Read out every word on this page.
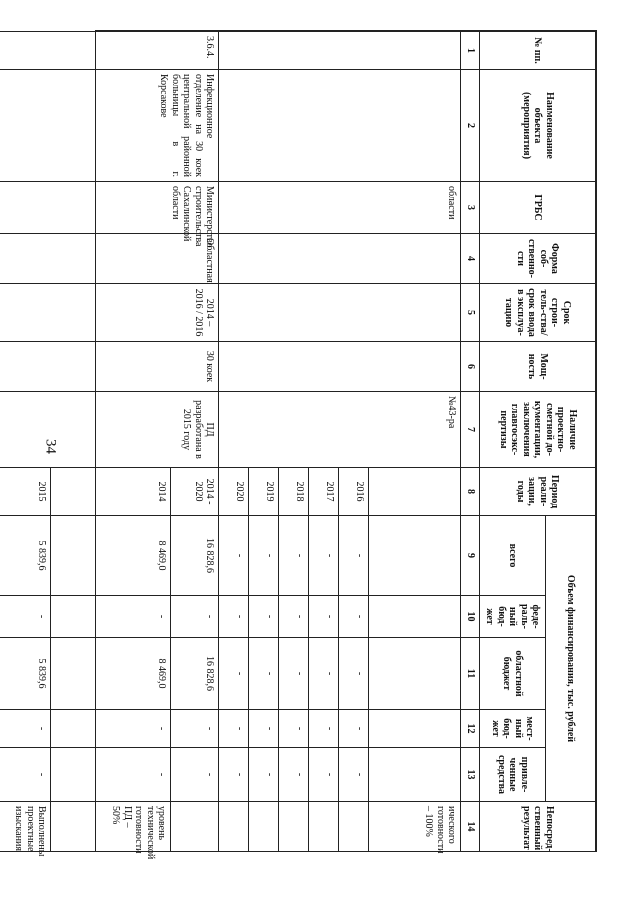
34
№ пп.	Наименование объекта (мероприятия)	ГРБС	Форма соб-ственно-сти	Срок строи-тель-ства/срок ввода в эксплуа-тацию	Мощ-ность	Наличие проектно-сметной до-кументации, заключения главгосэкс-пертизы	Период реали-зации, годы	Объем финансирования, тыс. рублей					Непосред-ственный результат
								всего	феде-раль-ный бюд-жет	областной бюджет	мест-ный бюд-жет	привле-ченные средства	
1	2	3	4	5	6	7	8	9	10	11	12	13	14
		области				№43-ра							ического готовности – 100%
							2016	-	-	-	-	-	
							2017	-	-	-	-	-	
							2018	-	-	-	-	-	
							2019	-	-	-	-	-	
							2020	-	-	-	-	-	
3.6.4.	Инфекционное отделение на 30 коек центральной районной больницы в г. Корсакове	Министерство строительства Сахалинской области	Областная	2014 – 2016 / 2016	30 коек	ПД разработана в 2015 году	2014 - 2020	16 828,6	-	16 828,6	-	-	
							2014	8 469,0	-	8 469,0	-	-	уровень технической готовности ПД – 50%
							2015	5 839,6	-	5 839,6	-	-	Выполнены проектные изыскания
